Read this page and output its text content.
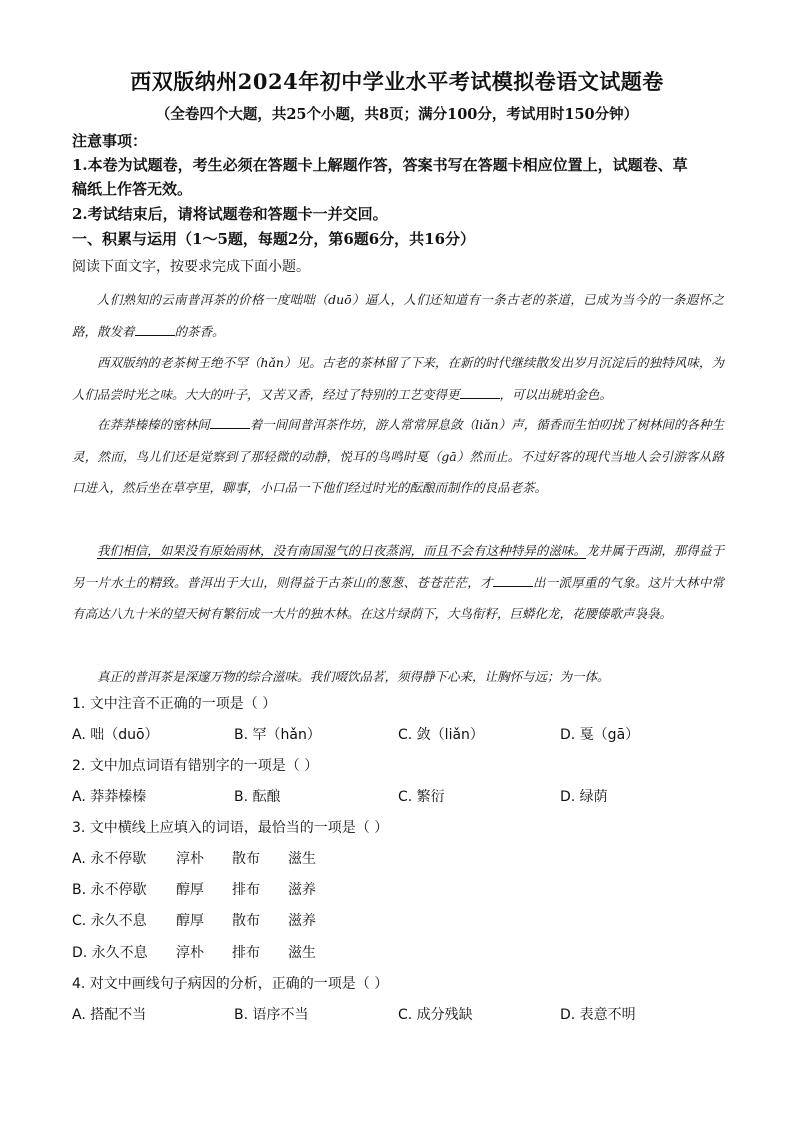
西双版纳州2024年初中学业水平考试模拟卷语文试题卷
（全卷四个大题，共25个小题，共8页；满分100分，考试用时150分钟）
注意事项：
1.本卷为试题卷，考生必须在答题卡上解题作答，答案书写在答题卡相应位置上，试题卷、草
稿纸上作答无效。
2.考试结束后，请将试题卷和答题卡一并交回。
一、积累与运用（1～5题，每题2分，第6题6分，共16分）
阅读下面文字，按要求完成下面小题。

人们熟知的云南普洱茶的价格一度咄咄（duō）逼人，人们还知道有一条古老的茶道，已成为当今的一条遐怀之路，散发着	的茶香。

西双版纳的老茶树王绝不罕（hǎn）见。古老的茶林留了下来，在新的时代继续散发出岁月沉淀后的独特风味，为人们品尝时光之味。大大的叶子，又苦又香，经过了特别的工艺变得更	，可以出琥珀金色。

在莽莽榛榛的密林间	着一间间普洱茶作坊，游人常常屏息敛（liǎn）声，循香而生怕叨扰了树林间的各种生灵，然而，鸟儿们还是觉察到了那轻微的动静，悦耳的鸟鸣时戛（gā）然而止。不过好客的现代当地人会引游客从路口进入，然后坐在草亭里，聊事，小口品一下他们经过时光的酝酿而制作的良品老茶。

我们相信，如果没有原始雨林，没有南国湿气的日夜蒸润，而且不会有这种特异的滋味。龙井属于西湖，那得益于另一片水土的精致。普洱出于大山，则得益于古茶山的葱葱、苍苍茫茫，才	出一派厚重的气象。这片大林中常有高达八九十米的望天树有繁衍成一大片的独木林。在这片绿荫下，大鸟衔籽，巨蟒化龙，花腰傣歌声袅袅。

真正的普洱茶是深邃万物的综合滋味。我们啜饮品茗，须得静下心来，让胸怀与远；为一体。

1. 文中注音不正确的一项是（ ）
A. 咄（duō）	B. 罕（hǎn）	C. 敛（liǎn）	D. 戛（gā）
2. 文中加点词语有错别字的一项是（ ）
A. 莽莽榛榛	B. 酝酿	C. 繁衍	D. 绿荫
3. 文中横线上应填入的词语，最恰当的一项是（ ）
A. 永不停歇 淳朴 散布 滋生
B. 永不停歇 醇厚 排布 滋养
C. 永久不息 醇厚 散布 滋养
D. 永久不息 淳朴 排布 滋生
4. 对文中画线句子病因的分析，正确的一项是（ ）
A. 搭配不当	B. 语序不当	C. 成分残缺	D. 表意不明
